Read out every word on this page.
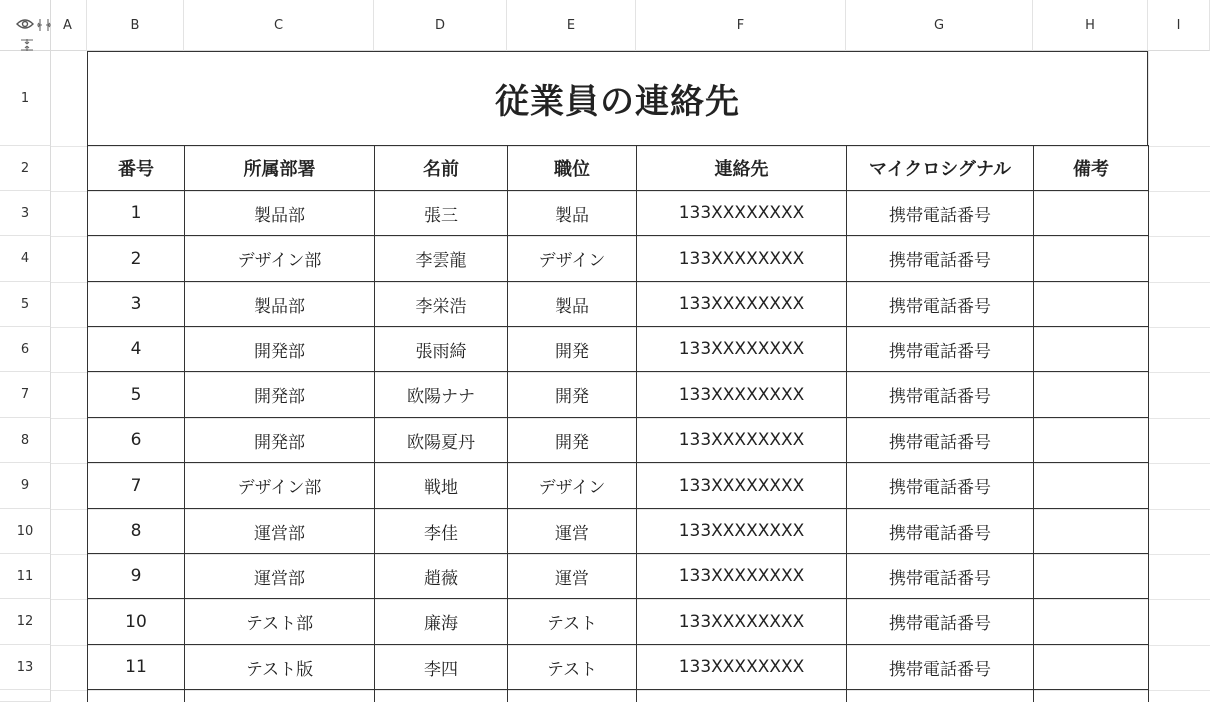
A	B	C	D	E	F	G	H	I
1
2
3
4
5
6
7
8
9
10
11
12
13
従業員の連絡先
番号	所属部署	名前	職位	連絡先	マイクロシグナル	備考
1	製品部	張三	製品	133XXXXXXXX	携帯電話番号	
2	デザイン部	李雲龍	デザイン	133XXXXXXXX	携帯電話番号	
3	製品部	李栄浩	製品	133XXXXXXXX	携帯電話番号	
4	開発部	張雨綺	開発	133XXXXXXXX	携帯電話番号	
5	開発部	欧陽ナナ	開発	133XXXXXXXX	携帯電話番号	
6	開発部	欧陽夏丹	開発	133XXXXXXXX	携帯電話番号	
7	デザイン部	戦地	デザイン	133XXXXXXXX	携帯電話番号	
8	運営部	李佳	運営	133XXXXXXXX	携帯電話番号	
9	運営部	趙薇	運営	133XXXXXXXX	携帯電話番号	
10	テスト部	廉海	テスト	133XXXXXXXX	携帯電話番号	
11	テスト版	李四	テスト	133XXXXXXXX	携帯電話番号	
